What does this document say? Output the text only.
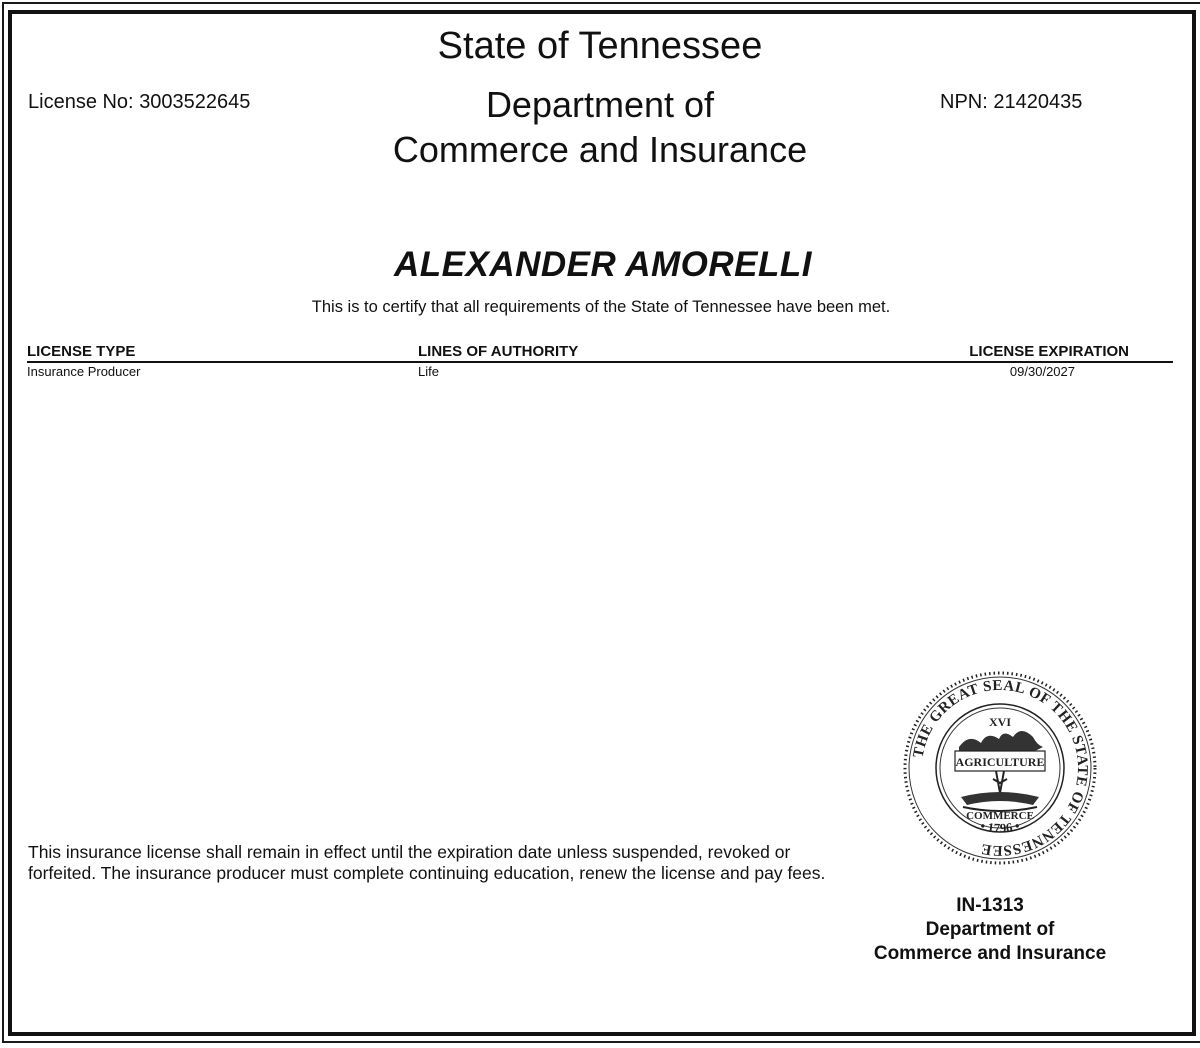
State of Tennessee
Department of
Commerce and Insurance
License No: 3003522645	NPN: 21420435
ALEXANDER AMORELLI
This is to certify that all requirements of the State of Tennessee have been met.
LICENSE TYPE	LINES OF AUTHORITY	LICENSE EXPIRATION
Insurance Producer	Life	09/30/2027
THE GREAT SEAL OF THE STATE OF TENNESSEE
• 1796 •
XVI
AGRICULTURE
COMMERCE
This insurance license shall remain in effect until the expiration date unless suspended, revoked or
forfeited. The insurance producer must complete continuing education, renew the license and pay fees.
IN-1313
Department of
Commerce and Insurance
